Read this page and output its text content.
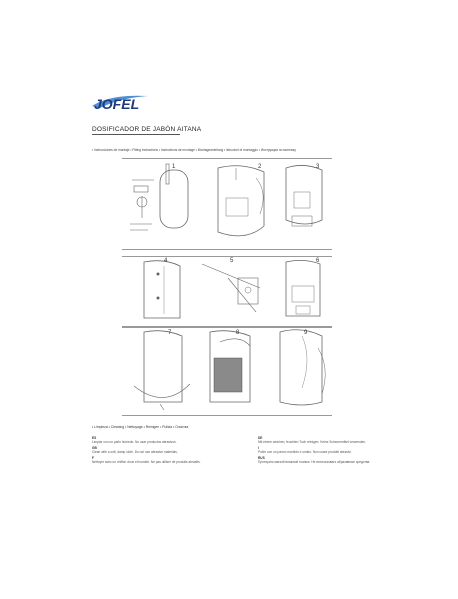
JOFEL
DOSIFICADOR DE JABÓN AITANA
• Instrucciones de montaje • Fitting instructions • Instructions de montage • Montageanleitung • Istruzioni di montaggio • Инструкция по монтажу
1	2	3
4	5	6
7	8	9
• Limpieza • Cleaning • Nettoyage • Reinigen • Pulizia • Очистка
ES
Limpiar con un paño húmedo. No usar productos abrasivos.
GB
Clean with a soft, damp cloth. Do not use abrasive materials.
F
Nettoyer avec un chiffon doux et humide. Ne pas utiliser de produits abrasifs.
DE
Mit einem weichen, feuchten Tuch reinigen. Keine Scheuermittel verwenden.
I
Pulire con un panno morbido e umido. Non usare prodotti abrasivi.
RUS
Протирать мягкой влажной тканью. Не использовать абразивные средства.
